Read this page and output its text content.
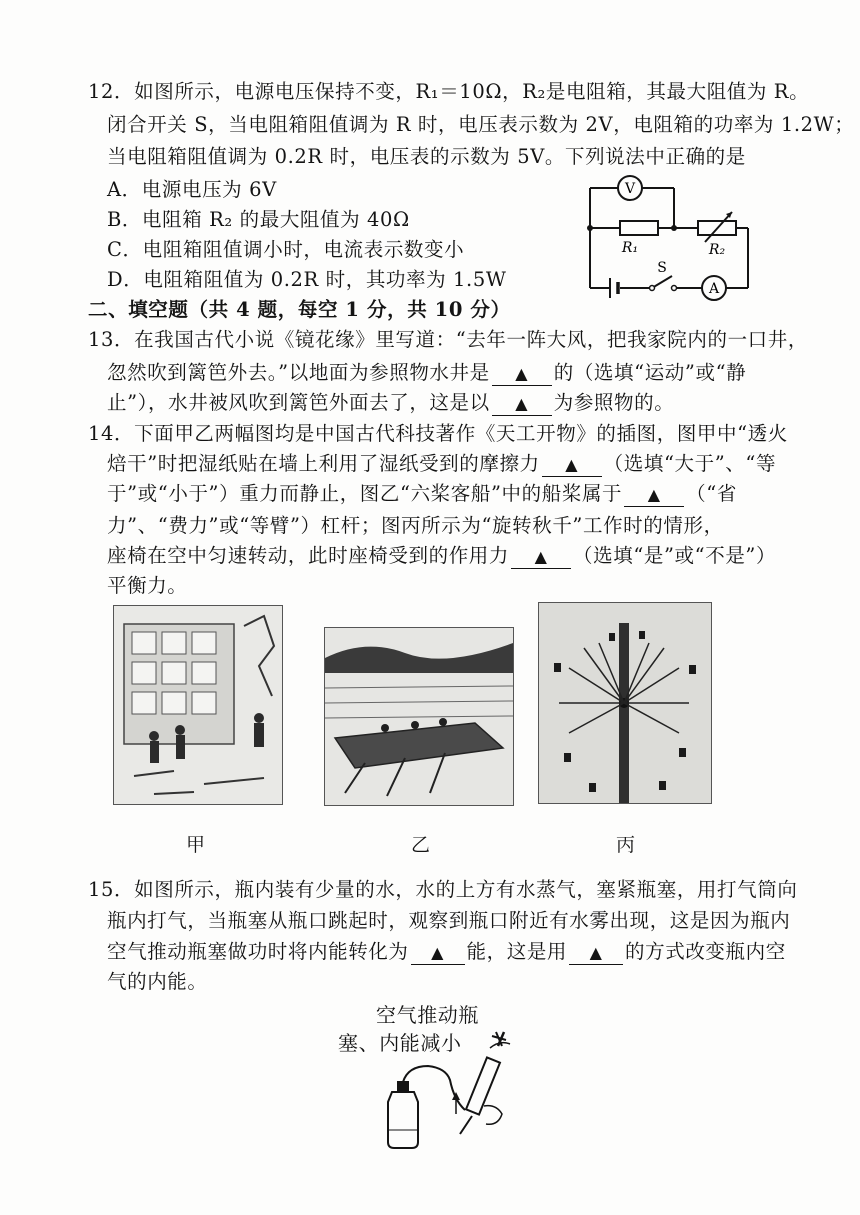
12．如图所示，电源电压保持不变，R₁＝10Ω，R₂是电阻箱，其最大阻值为 R。
闭合开关 S，当电阻箱阻值调为 R 时，电压表示数为 2V，电阻箱的功率为 1.2W；
当电阻箱阻值调为 0.2R 时，电压表的示数为 5V。下列说法中正确的是
A．电源电压为 6V
B．电阻箱 R₂ 的最大阻值为 40Ω
C．电阻箱阻值调小时，电流表示数变小
D．电阻箱阻值为 0.2R 时，其功率为 1.5W
V
A
R₁	R₂
S
二、填空题（共 4 题，每空 1 分，共 10 分）
13．在我国古代小说《镜花缘》里写道：“去年一阵大风，把我家院内的一口井，
忽然吹到篱笆外去。”以地面为参照物水井是 ▲ 的（选填“运动”或“静
止”），水井被风吹到篱笆外面去了，这是以 ▲ 为参照物的。
14．下面甲乙两幅图均是中国古代科技著作《天工开物》的插图，图甲中“透火
焙干”时把湿纸贴在墙上利用了湿纸受到的摩擦力 ▲ （选填“大于”、“等
于”或“小于”）重力而静止，图乙“六桨客船”中的船桨属于 ▲ （“省
力”、“费力”或“等臂”）杠杆；图丙所示为“旋转秋千”工作时的情形，
座椅在空中匀速转动，此时座椅受到的作用力 ▲ （选填“是”或“不是”）
平衡力。
甲	乙	丙
15．如图所示，瓶内装有少量的水，水的上方有水蒸气，塞紧瓶塞，用打气筒向
瓶内打气，当瓶塞从瓶口跳起时，观察到瓶口附近有水雾出现，这是因为瓶内
空气推动瓶塞做功时将内能转化为 ▲ 能，这是用 ▲ 的方式改变瓶内空
气的内能。
空气推动瓶
塞、内能减小
